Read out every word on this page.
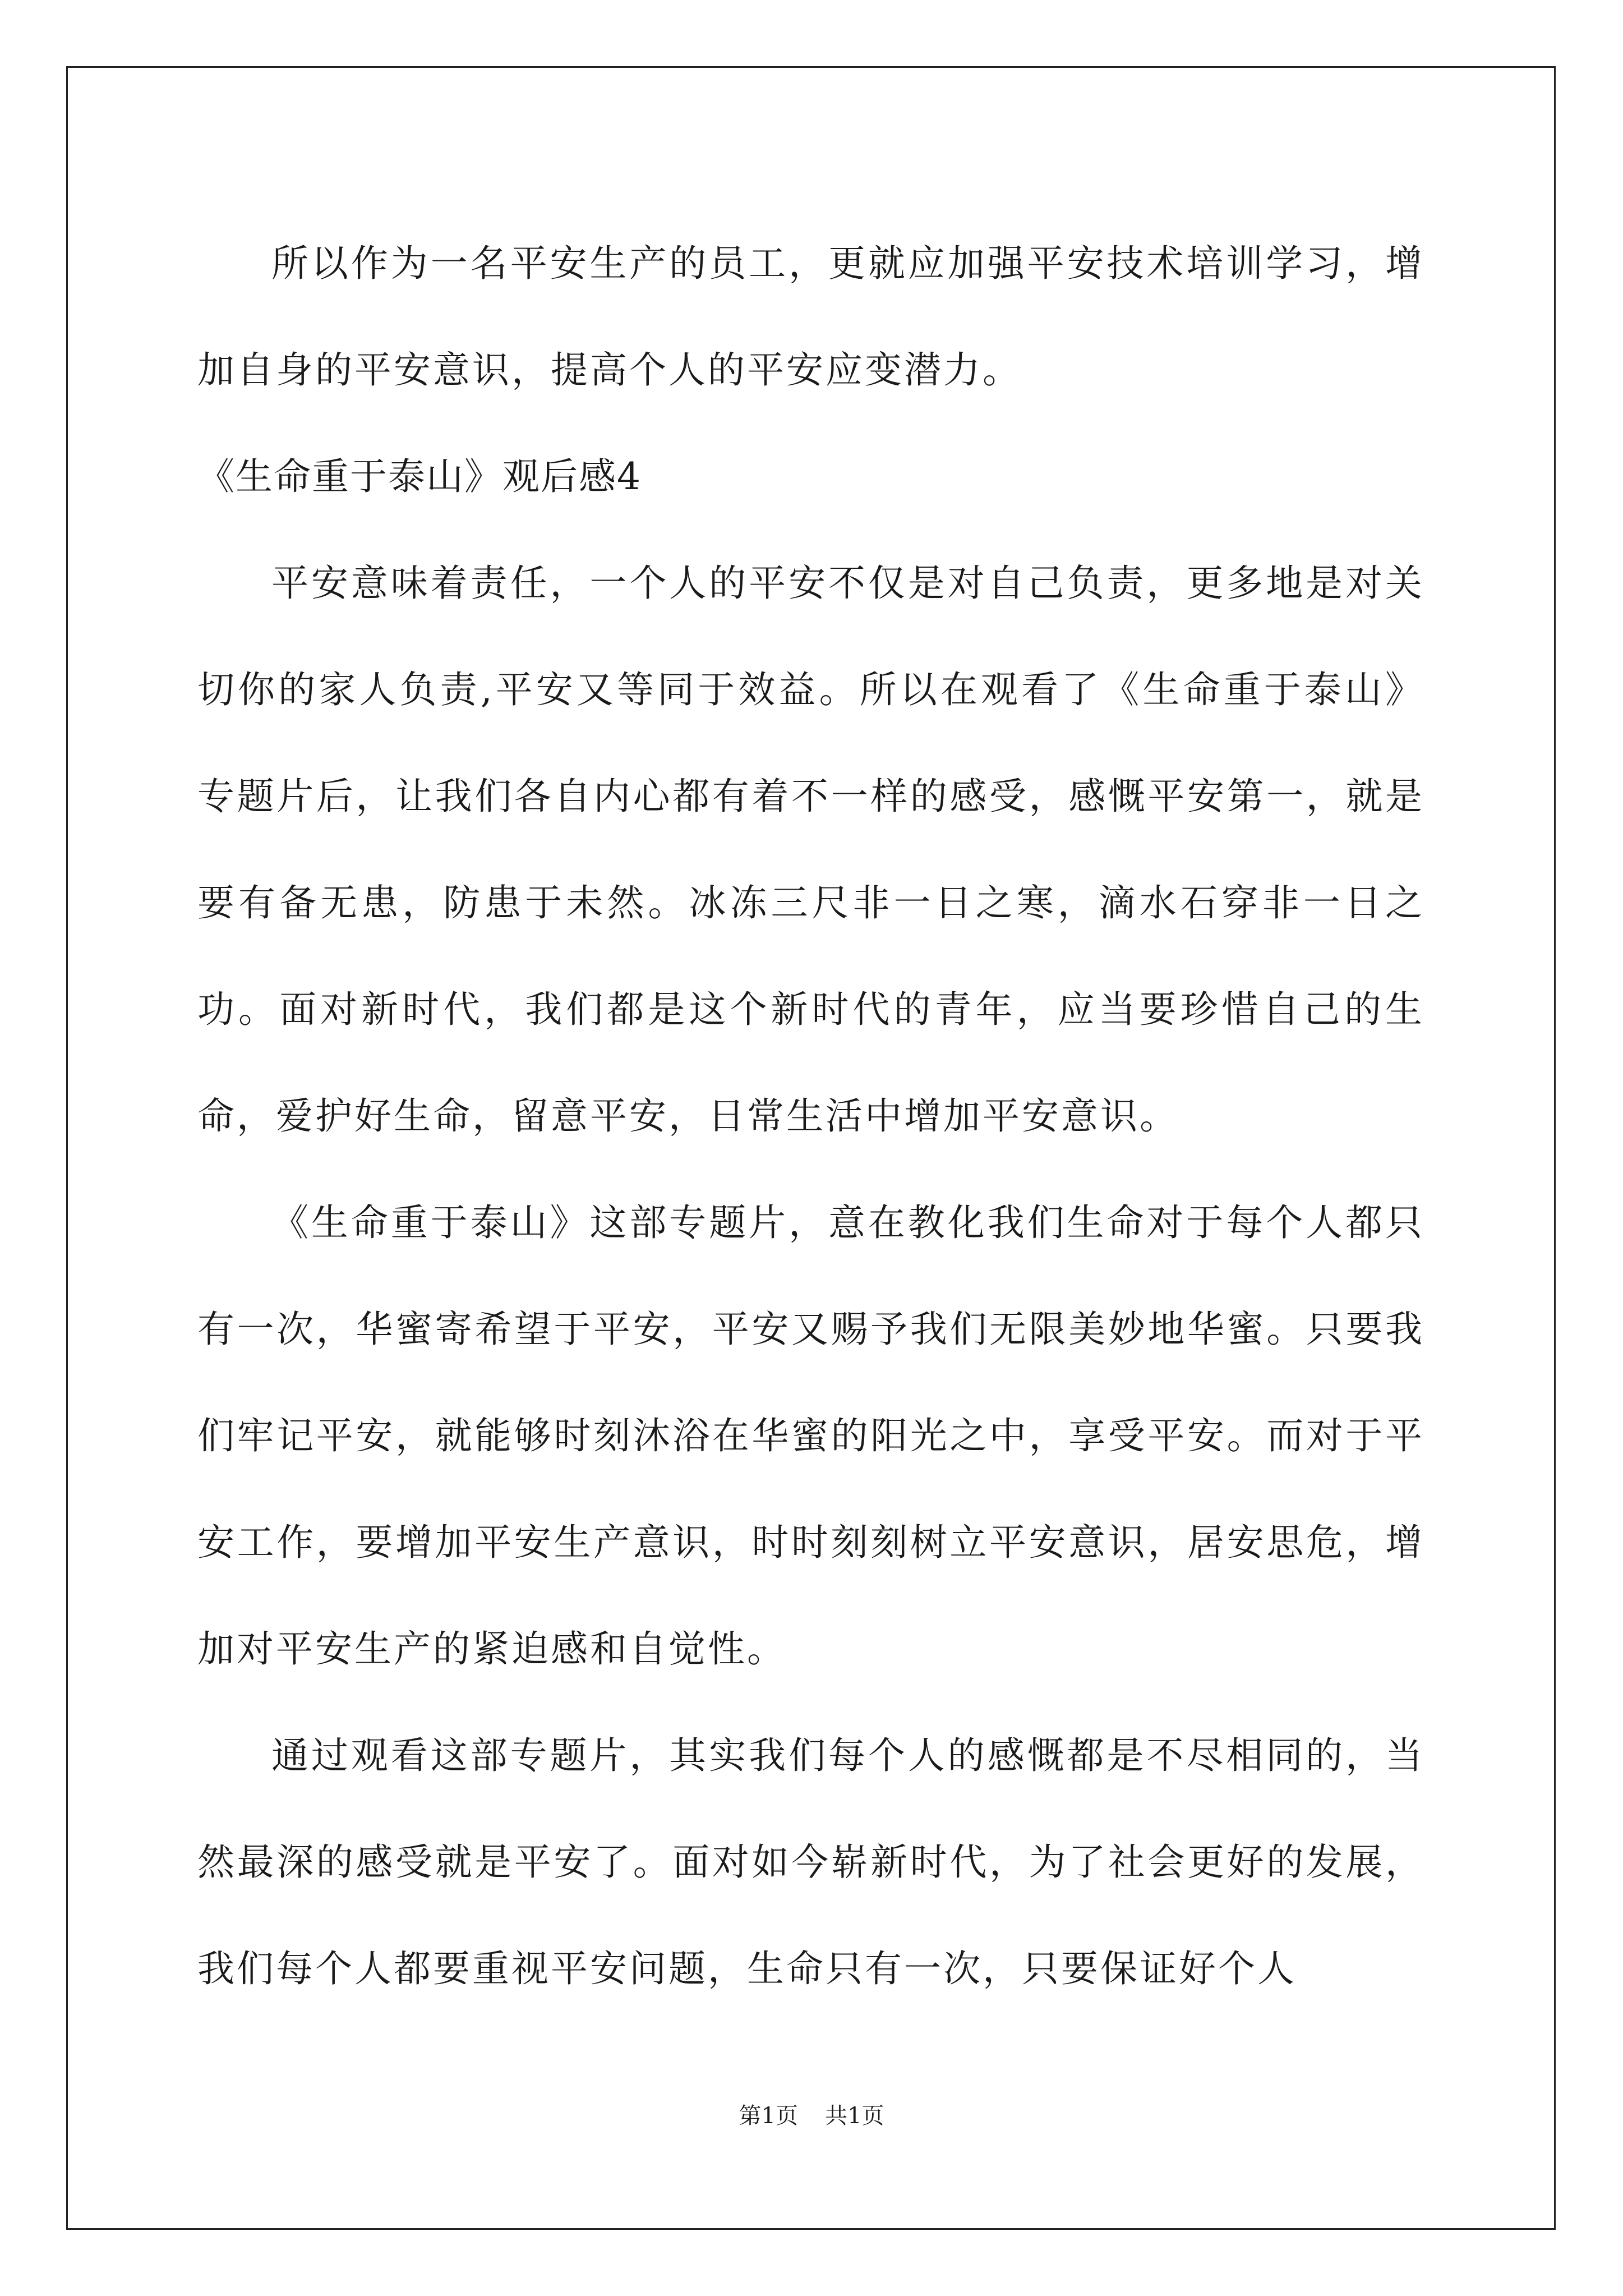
所以作为一名平安生产的员工，更就应加强平安技术培训学习，增加自身的平安意识，提高个人的平安应变潜力。

《生命重于泰山》观后感4

平安意味着责任，一个人的平安不仅是对自己负责，更多地是对关切你的家人负责,平安又等同于效益。所以在观看了《生命重于泰山》专题片后，让我们各自内心都有着不一样的感受，感慨平安第一，就是要有备无患，防患于未然。冰冻三尺非一日之寒，滴水石穿非一日之功。面对新时代，我们都是这个新时代的青年，应当要珍惜自己的生命，爱护好生命，留意平安，日常生活中增加平安意识。

《生命重于泰山》这部专题片，意在教化我们生命对于每个人都只有一次，华蜜寄希望于平安，平安又赐予我们无限美妙地华蜜。只要我们牢记平安，就能够时刻沐浴在华蜜的阳光之中，享受平安。而对于平安工作，要增加平安生产意识，时时刻刻树立平安意识，居安思危，增加对平安生产的紧迫感和自觉性。

通过观看这部专题片，其实我们每个人的感慨都是不尽相同的，当然最深的感受就是平安了。面对如今崭新时代，为了社会更好的发展，我们每个人都要重视平安问题，生命只有一次，只要保证好个人

第1页 共1页
